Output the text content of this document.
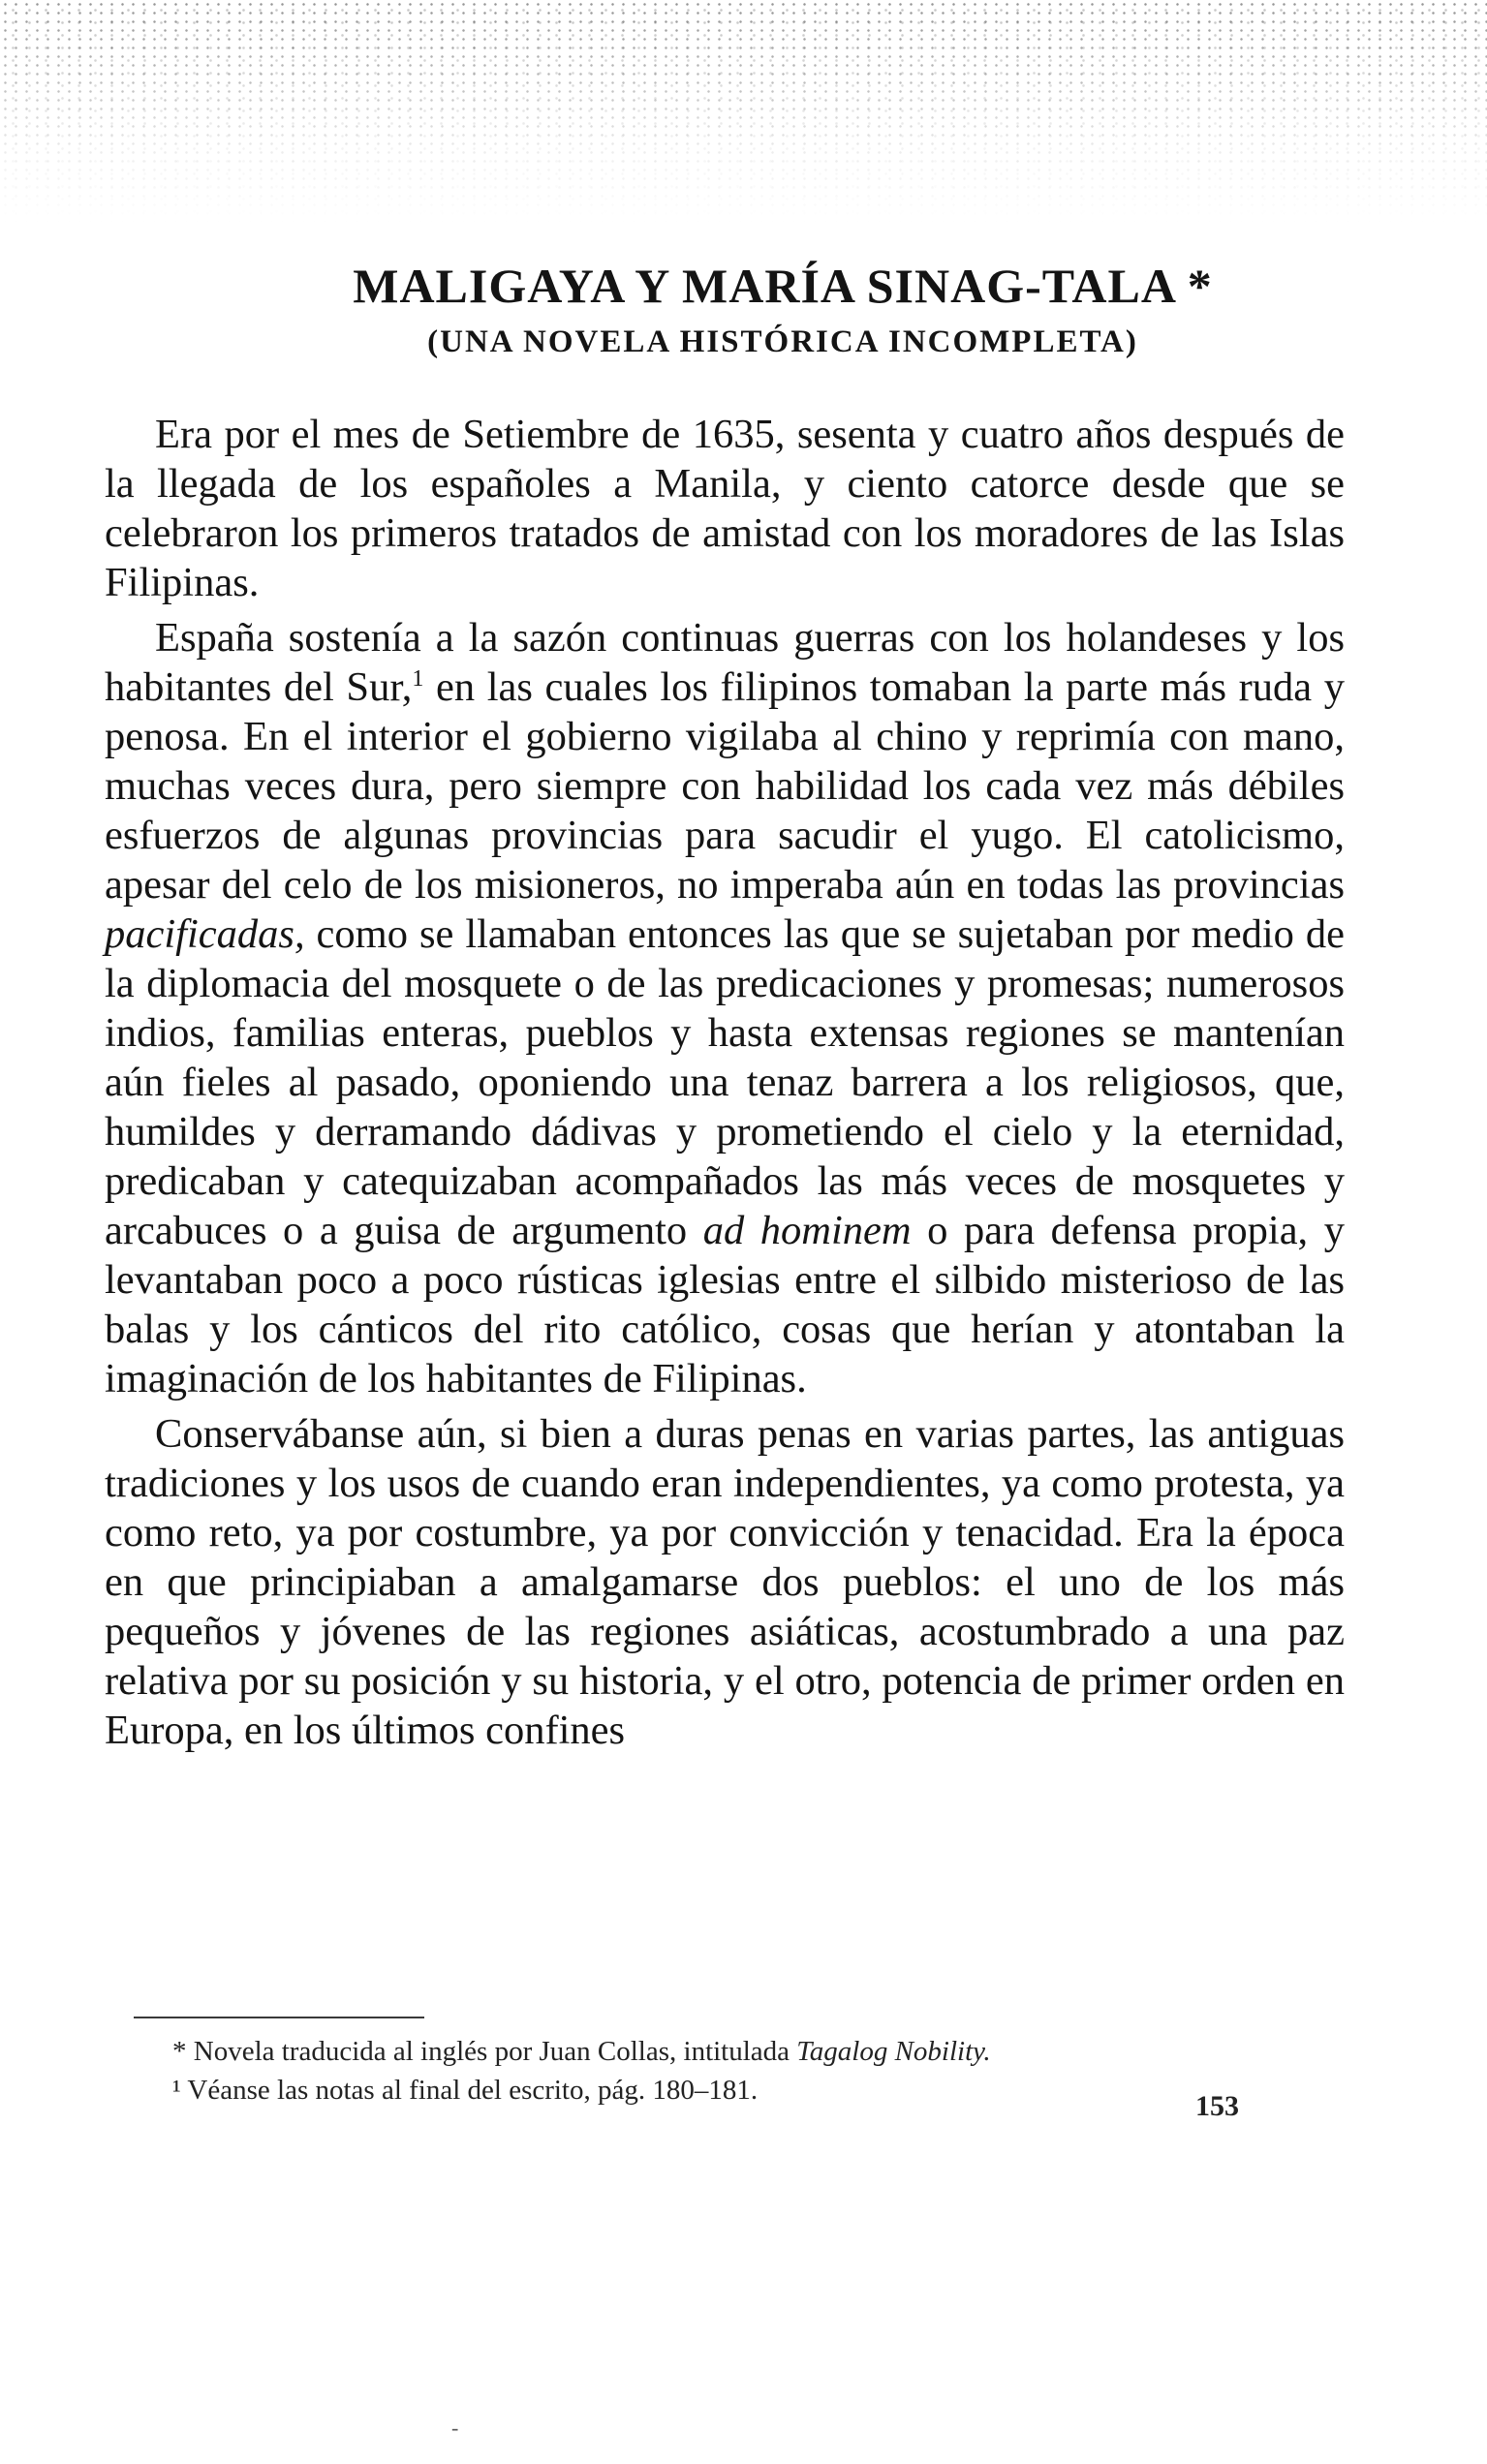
MALIGAYA Y MARÍA SINAG-TALA *
(UNA NOVELA HISTÓRICA INCOMPLETA)

Era por el mes de Setiembre de 1635, sesenta y cuatro años después de la llegada de los españoles a Manila, y ciento catorce desde que se celebraron los primeros tratados de amistad con los moradores de las Islas Filipinas.

España sostenía a la sazón continuas guerras con los holandeses y los habitantes del Sur,$^1$ en las cuales los filipinos tomaban la parte más ruda y penosa. En el interior el gobierno vigilaba al chino y reprimía con mano, muchas veces dura, pero siempre con habilidad los cada vez más débiles esfuerzos de algunas provincias para sacudir el yugo. El catolicismo, apesar del celo de los misioneros, no imperaba aún en todas las provincias pacificadas, como se llamaban entonces las que se sujetaban por medio de la diplomacia del mosquete o de las predicaciones y promesas; numerosos indios, familias enteras, pueblos y hasta extensas regiones se mantenían aún fieles al pasado, oponiendo una tenaz barrera a los religiosos, que, humildes y derramando dádivas y prometiendo el cielo y la eternidad, predicaban y catequizaban acompañados las más veces de mosquetes y arcabuces o a guisa de argumento ad hominem o para defensa propia, y levantaban poco a poco rústicas iglesias entre el silbido misterioso de las balas y los cánticos del rito católico, cosas que herían y atontaban la imaginación de los habitantes de Filipinas.

Conservábanse aún, si bien a duras penas en varias partes, las antiguas tradiciones y los usos de cuando eran independientes, ya como protesta, ya como reto, ya por costumbre, ya por convicción y tenacidad. Era la época en que principiaban a amalgamarse dos pueblos: el uno de los más pequeños y jóvenes de las regiones asiáticas, acostumbrado a una paz relativa por su posición y su historia, y el otro, potencia de primer orden en Europa, en los últimos confines

* Novela traducida al inglés por Juan Collas, intitulada Tagalog Nobility.

¹ Véanse las notas al final del escrito, pág. 180–181.	153
-
